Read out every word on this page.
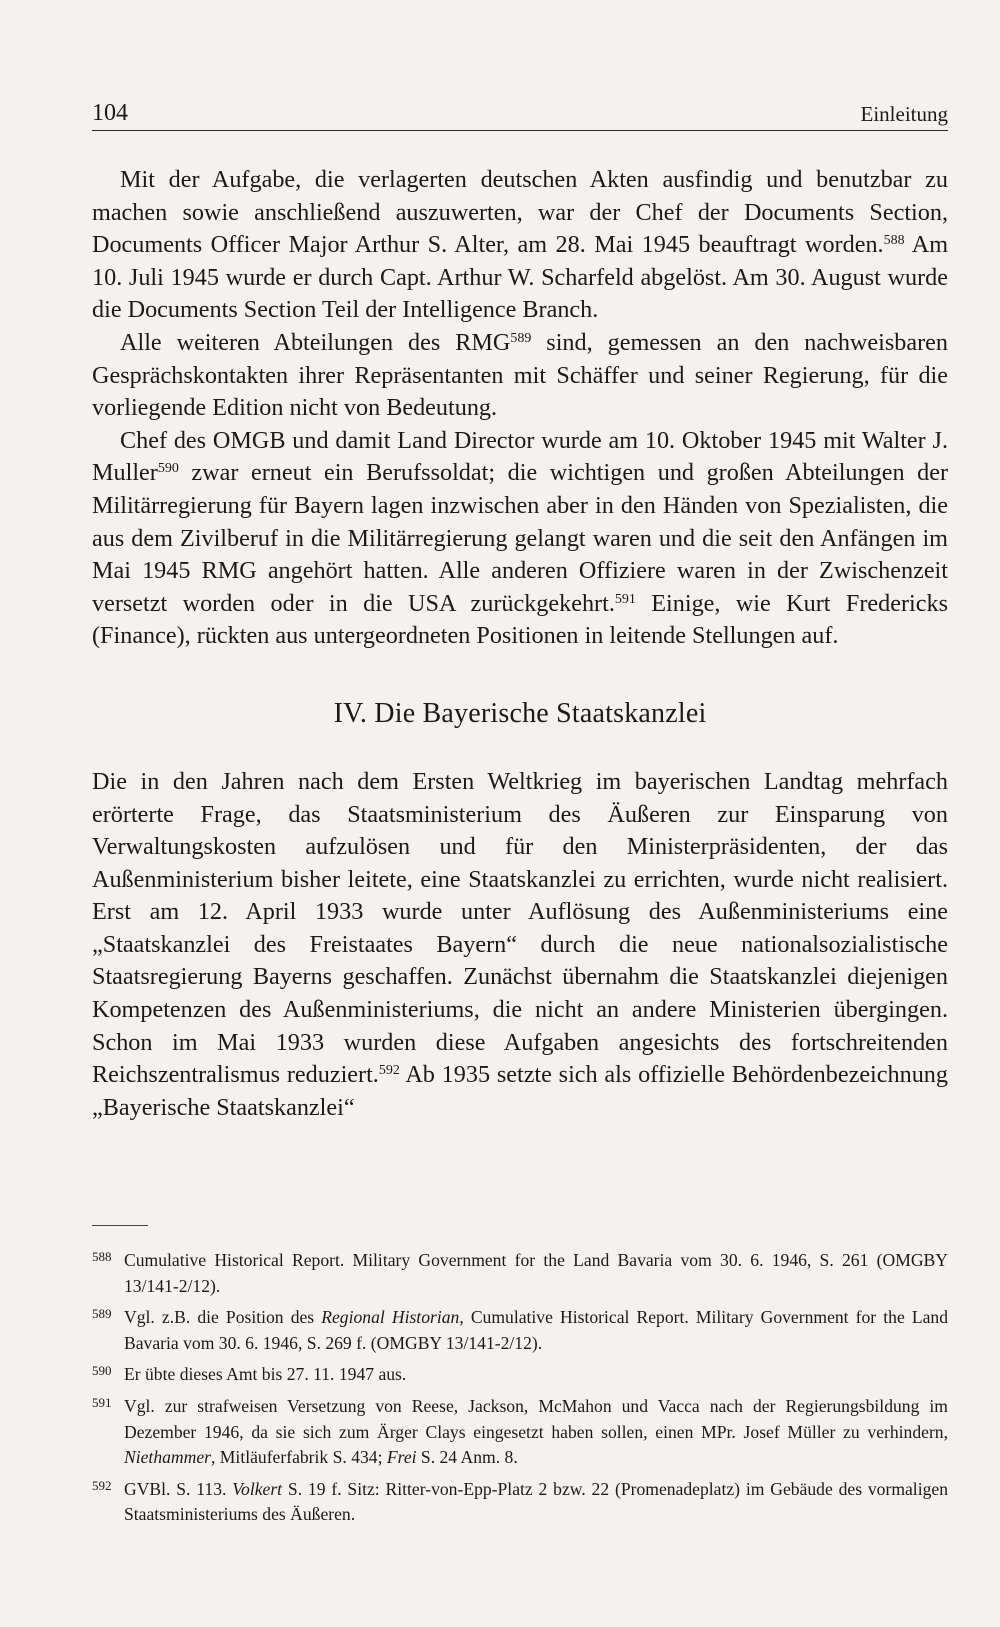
104	Einleitung

Mit der Aufgabe, die verlagerten deutschen Akten ausfindig und benutzbar zu machen sowie anschließend auszuwerten, war der Chef der Documents Section, Documents Officer Major Arthur S. Alter, am 28. Mai 1945 beauftragt worden.$^{588}$ Am 10. Juli 1945 wurde er durch Capt. Arthur W. Scharfeld abgelöst. Am 30. August wurde die Documents Section Teil der Intelligence Branch.

Alle weiteren Abteilungen des RMG$^{589}$ sind, gemessen an den nachweisbaren Gesprächskontakten ihrer Repräsentanten mit Schäffer und seiner Regierung, für die vorliegende Edition nicht von Bedeutung.

Chef des OMGB und damit Land Director wurde am 10. Oktober 1945 mit Walter J. Muller$^{590}$ zwar erneut ein Berufssoldat; die wichtigen und großen Abteilungen der Militärregierung für Bayern lagen inzwischen aber in den Händen von Spezialisten, die aus dem Zivilberuf in die Militärregierung gelangt waren und die seit den Anfängen im Mai 1945 RMG angehört hatten. Alle anderen Offiziere waren in der Zwischenzeit versetzt worden oder in die USA zurückgekehrt.$^{591}$ Einige, wie Kurt Fredericks (Finance), rückten aus untergeordneten Positionen in leitende Stellungen auf.

IV. Die Bayerische Staatskanzlei

Die in den Jahren nach dem Ersten Weltkrieg im bayerischen Landtag mehrfach erörterte Frage, das Staatsministerium des Äußeren zur Einsparung von Verwaltungskosten aufzulösen und für den Ministerpräsidenten, der das Außenministerium bisher leitete, eine Staatskanzlei zu errichten, wurde nicht realisiert. Erst am 12. April 1933 wurde unter Auflösung des Außenministeriums eine „Staatskanzlei des Freistaates Bayern“ durch die neue nationalsozialistische Staatsregierung Bayerns geschaffen. Zunächst übernahm die Staatskanzlei diejenigen Kompetenzen des Außenministeriums, die nicht an andere Ministerien übergingen. Schon im Mai 1933 wurden diese Aufgaben angesichts des fortschreitenden Reichszentralismus reduziert.$^{592}$ Ab 1935 setzte sich als offizielle Behördenbezeichnung „Bayerische Staatskanzlei“

588 Cumulative Historical Report. Military Government for the Land Bavaria vom 30. 6. 1946, S. 261 (OMGBY 13/141-2/12).
589 Vgl. z.B. die Position des Regional Historian, Cumulative Historical Report. Military Government for the Land Bavaria vom 30. 6. 1946, S. 269 f. (OMGBY 13/141-2/12).
590 Er übte dieses Amt bis 27. 11. 1947 aus.
591 Vgl. zur strafweisen Versetzung von Reese, Jackson, McMahon und Vacca nach der Regierungsbildung im Dezember 1946, da sie sich zum Ärger Clays eingesetzt haben sollen, einen MPr. Josef Müller zu verhindern, Niethammer, Mitläuferfabrik S. 434; Frei S. 24 Anm. 8.
592 GVBl. S. 113. Volkert S. 19 f. Sitz: Ritter-von-Epp-Platz 2 bzw. 22 (Promenadeplatz) im Gebäude des vormaligen Staatsministeriums des Äußeren.
